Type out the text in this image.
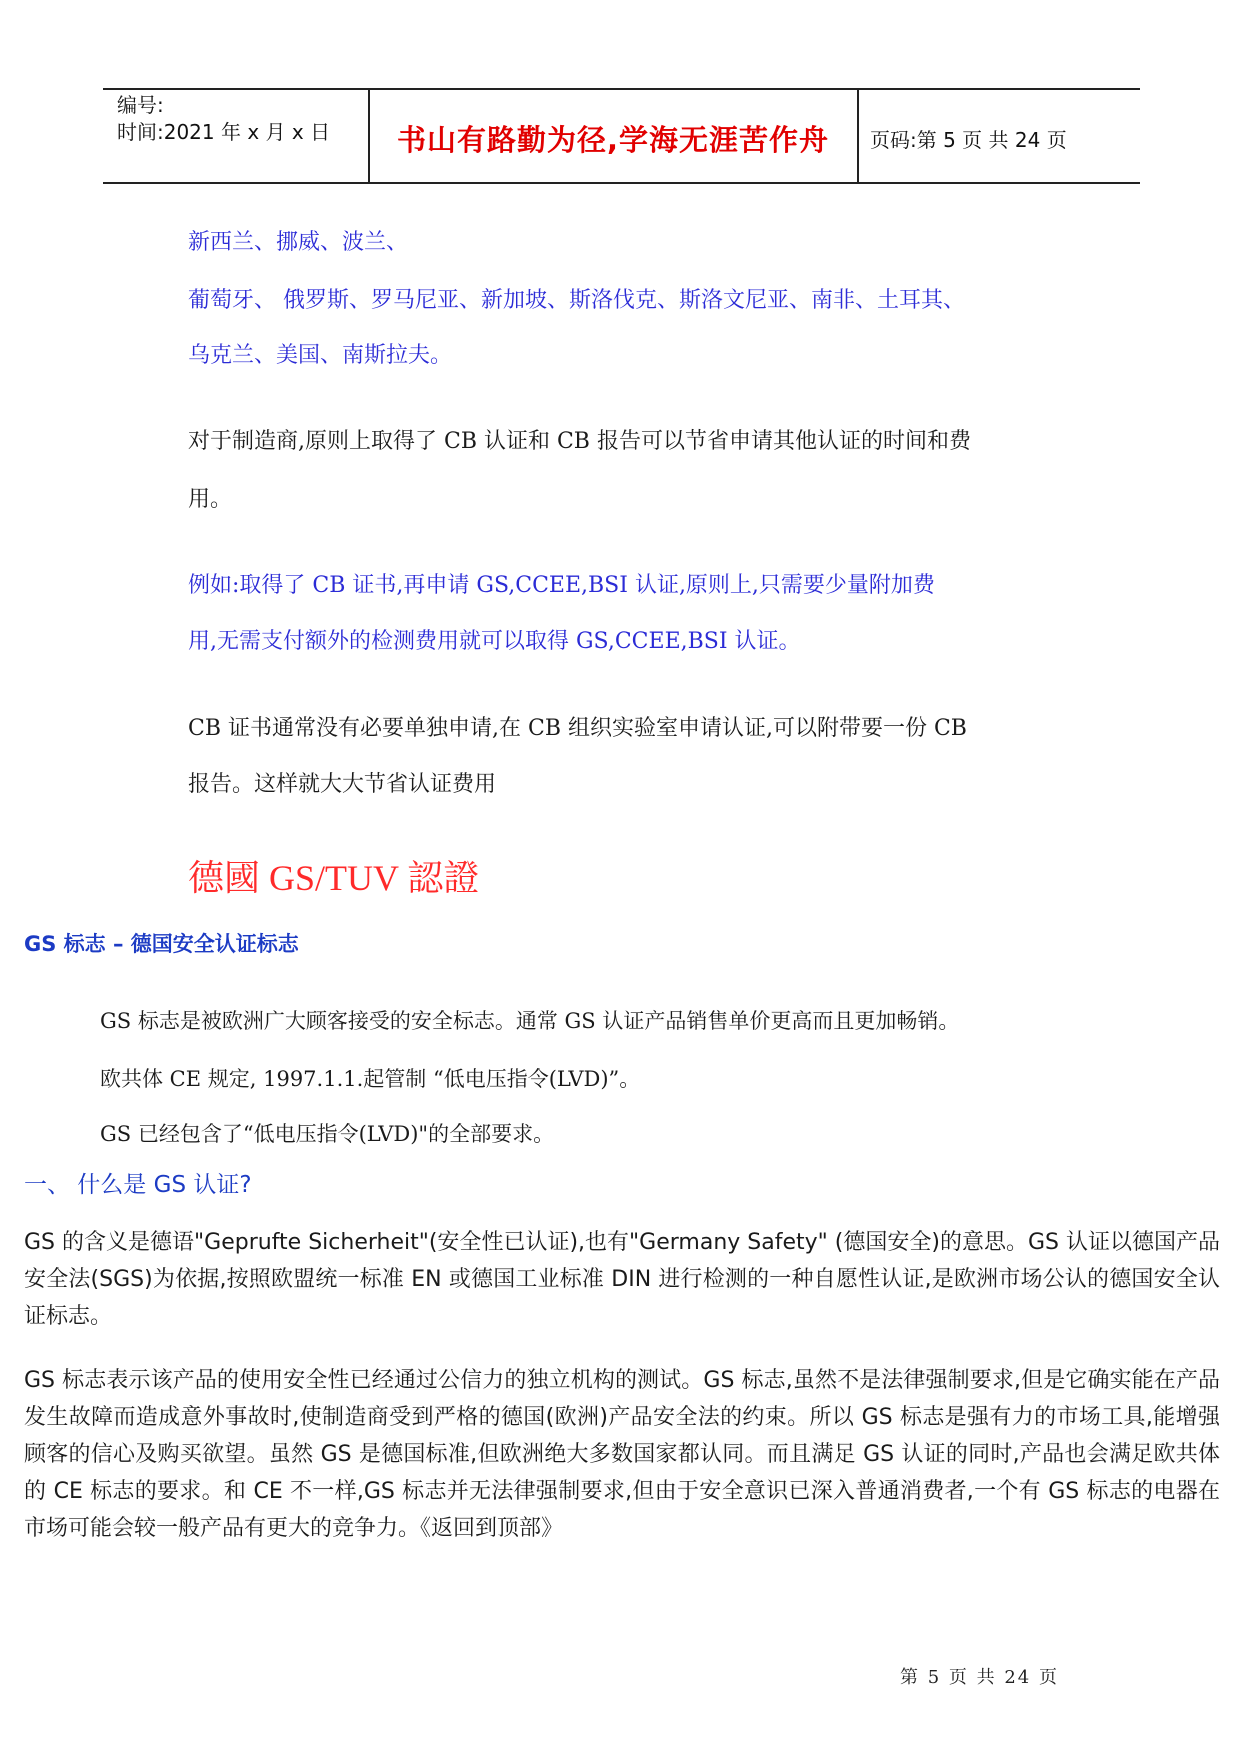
编号:
时间:2021 年 x 月 x 日	书山有路勤为径,学海无涯苦作舟	页码:第 5 页 共 24 页
新西兰、挪威、波兰、
葡萄牙、 俄罗斯、罗马尼亚、新加坡、斯洛伐克、斯洛文尼亚、南非、土耳其、
乌克兰、美国、南斯拉夫。
对于制造商,原则上取得了 CB 认证和 CB 报告可以节省申请其他认证的时间和费
用。
例如:取得了 CB 证书,再申请 GS,CCEE,BSI 认证,原则上,只需要少量附加费
用,无需支付额外的检测费用就可以取得 GS,CCEE,BSI 认证。
CB 证书通常没有必要单独申请,在 CB 组织实验室申请认证,可以附带要一份 CB
报告。这样就大大节省认证费用
德國 GS/TUV 認證
GS 标志 – 德国安全认证标志
GS 标志是被欧洲广大顾客接受的安全标志。通常 GS 认证产品销售单价更高而且更加畅销。
欧共体 CE 规定, 1997.1.1.起管制 “低电压指令(LVD)”。
GS 已经包含了“低电压指令(LVD)"的全部要求。
一、 什么是 GS 认证?
GS 的含义是德语"Geprufte Sicherheit"(安全性已认证),也有"Germany Safety" (德国安全)的意思。GS 认证以德国产品安全法(SGS)为依据,按照欧盟统一标准 EN 或德国工业标准 DIN 进行检测的一种自愿性认证,是欧洲市场公认的德国安全认证标志。
GS 标志表示该产品的使用安全性已经通过公信力的独立机构的测试。GS 标志,虽然不是法律强制要求,但是它确实能在产品发生故障而造成意外事故时,使制造商受到严格的德国(欧洲)产品安全法的约束。所以 GS 标志是强有力的市场工具,能增强顾客的信心及购买欲望。虽然 GS 是德国标准,但欧洲绝大多数国家都认同。而且满足 GS 认证的同时,产品也会满足欧共体的 CE 标志的要求。和 CE 不一样,GS 标志并无法律强制要求,但由于安全意识已深入普通消费者,一个有 GS 标志的电器在市场可能会较一般产品有更大的竞争力。《返回到顶部》
第 5 页 共 24 页
